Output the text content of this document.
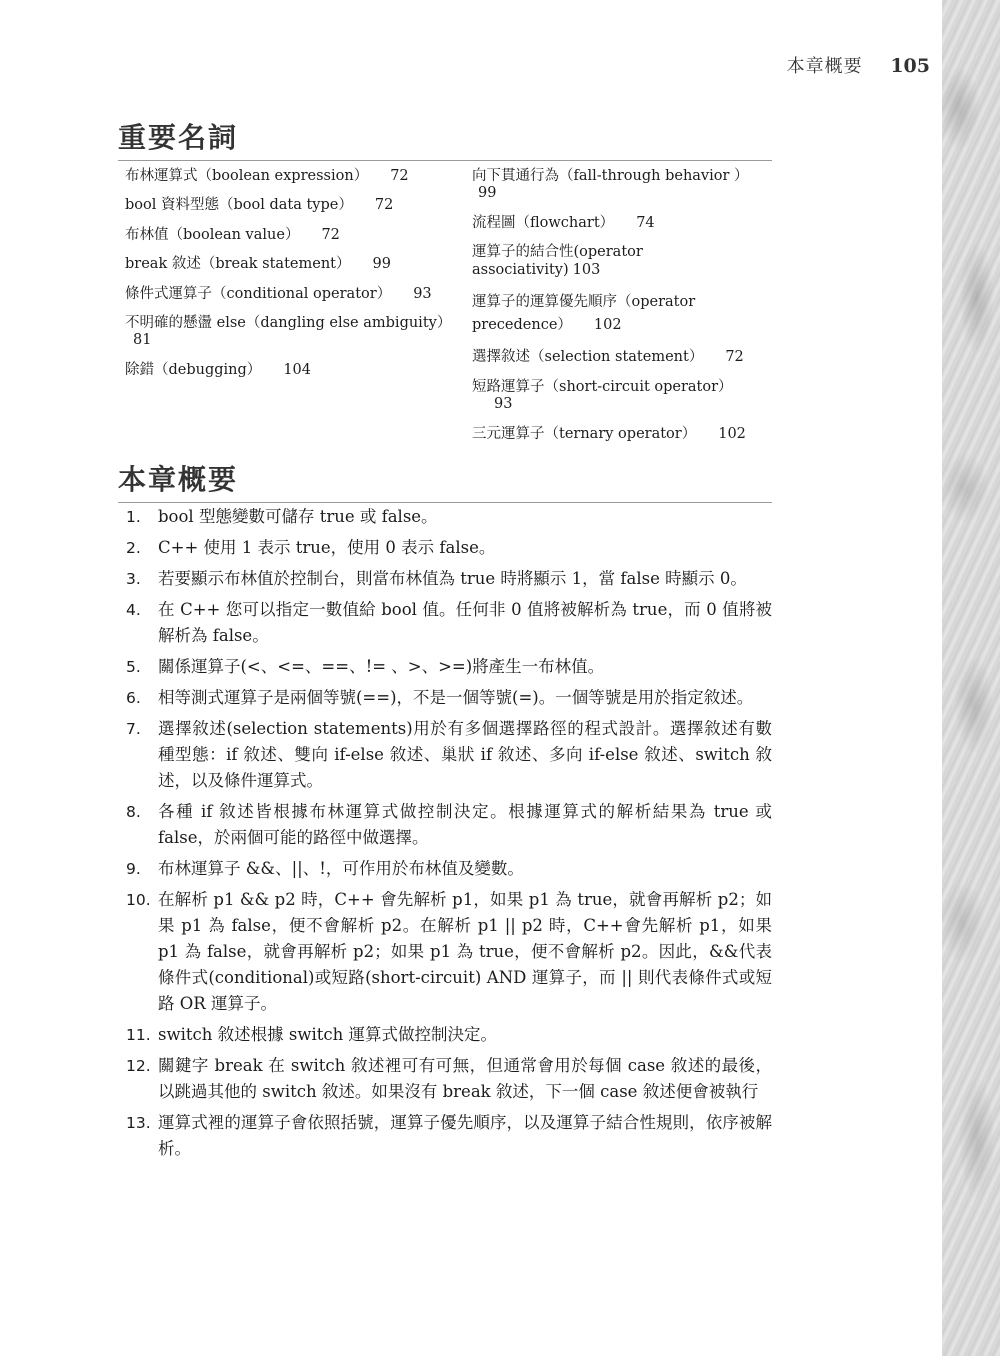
本章概要 105
重要名詞

布林運算式（boolean expression） 72

bool 資料型態（bool data type） 72

布林值（boolean value） 72

break 敘述（break statement） 99

條件式運算子（conditional operator） 93

不明確的懸盪 else（dangling else ambiguity）81

除錯（debugging） 104

向下貫通行為（fall-through behavior ）99

流程圖（flowchart） 74

運算子的結合性(operator associativity) 103

運算子的運算優先順序（operator precedence） 102

選擇敘述（selection statement） 72

短路運算子（short-circuit operator）93

三元運算子（ternary operator） 102

本章概要
1.	bool 型態變數可儲存 true 或 false。
2.	C++ 使用 1 表示 true，使用 0 表示 false。
3.	若要顯示布林值於控制台，則當布林值為 true 時將顯示 1，當 false 時顯示 0。
4.	在 C++ 您可以指定一數值給 bool 值。任何非 0 值將被解析為 true，而 0 值將被解析為 false。
5.	關係運算子(<、<=、==、!= 、>、>=)將產生一布林值。
6.	相等測式運算子是兩個等號(==)，不是一個等號(=)。一個等號是用於指定敘述。
7.	選擇敘述(selection statements)用於有多個選擇路徑的程式設計。選擇敘述有數種型態：if 敘述、雙向 if-else 敘述、巢狀 if 敘述、多向 if-else 敘述、switch 敘述，以及條件運算式。
8.	各種 if 敘述皆根據布林運算式做控制決定。根據運算式的解析結果為 true 或 false，於兩個可能的路徑中做選擇。
9.	布林運算子 &&、||、!，可作用於布林值及變數。
10. 在解析 p1 && p2 時，C++ 會先解析 p1，如果 p1 為 true，就會再解析 p2；如果 p1 為 false，便不會解析 p2。在解析 p1 || p2 時，C++會先解析 p1，如果 p1 為 false，就會再解析 p2；如果 p1 為 true，便不會解析 p2。因此，&&代表條件式(conditional)或短路(short-circuit) AND 運算子，而 || 則代表條件式或短路 OR 運算子。
11. switch 敘述根據 switch 運算式做控制決定。
12. 關鍵字 break 在 switch 敘述裡可有可無，但通常會用於每個 case 敘述的最後，以跳過其他的 switch 敘述。如果沒有 break 敘述，下一個 case 敘述便會被執行
13. 運算式裡的運算子會依照括號，運算子優先順序，以及運算子結合性規則，依序被解析。
